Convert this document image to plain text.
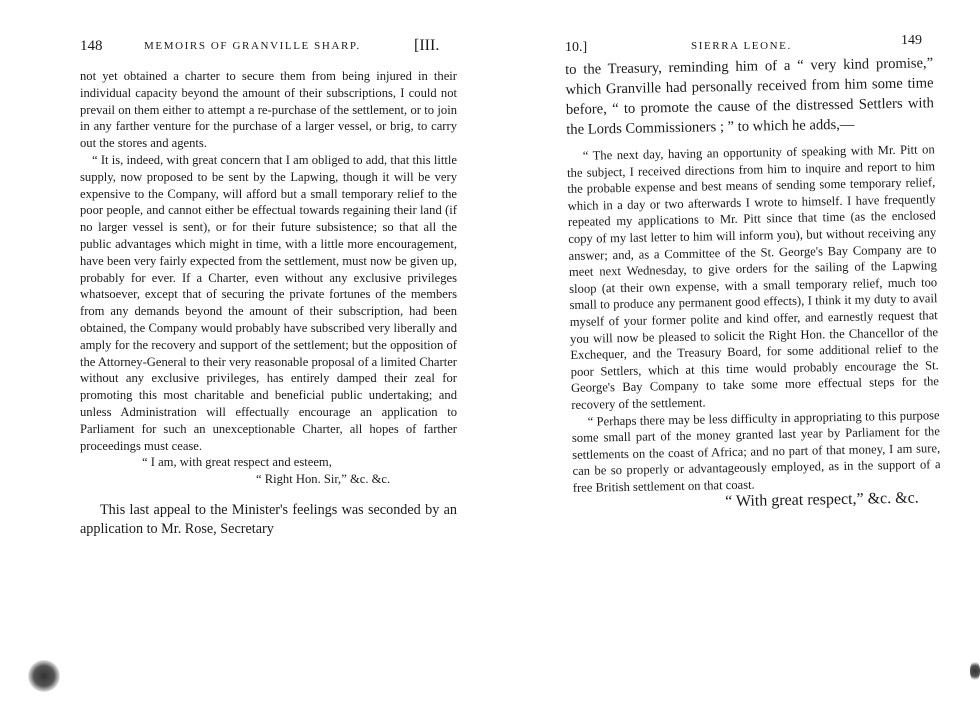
148	MEMOIRS OF GRANVILLE SHARP.	[III.

not yet obtained a charter to secure them from being injured in their individual capacity beyond the amount of their subscriptions, I could not prevail on them either to attempt a re-purchase of the settlement, or to join in any farther venture for the purchase of a larger vessel, or brig, to carry out the stores and agents.

“ It is, indeed, with great concern that I am obliged to add, that this little supply, now proposed to be sent by the Lapwing, though it will be very expensive to the Company, will afford but a small temporary relief to the poor people, and cannot either be effectual towards regaining their land (if no larger vessel is sent), or for their future subsistence; so that all the public advantages which might in time, with a little more encouragement, have been very fairly expected from the settlement, must now be given up, probably for ever. If a Charter, even without any exclusive privileges whatsoever, except that of securing the private fortunes of the members from any demands beyond the amount of their subscription, had been obtained, the Company would probably have subscribed very liberally and amply for the recovery and support of the settlement; but the opposition of the Attorney-General to their very reasonable proposal of a limited Charter without any exclusive privileges, has entirely damped their zeal for promoting this most charitable and beneficial public undertaking; and unless Administration will effectually encourage an application to Parliament for such an unexceptionable Charter, all hopes of farther proceedings must cease.

“ I am, with great respect and esteem,

“ Right Hon. Sir,” &c. &c.

This last appeal to the Minister's feelings was seconded by an application to Mr. Rose, Secretary

10.]	SIERRA LEONE.	149

to the Treasury, reminding him of a “ very kind promise,” which Granville had personally received from him some time before, “ to promote the cause of the distressed Settlers with the Lords Commissioners ; ” to which he adds,—

“ The next day, having an opportunity of speaking with Mr. Pitt on the subject, I received directions from him to inquire and report to him the probable expense and best means of sending some temporary relief, which in a day or two afterwards I wrote to himself. I have frequently repeated my applications to Mr. Pitt since that time (as the enclosed copy of my last letter to him will inform you), but without receiving any answer; and, as a Committee of the St. George's Bay Company are to meet next Wednesday, to give orders for the sailing of the Lapwing sloop (at their own expense, with a small temporary relief, much too small to produce any permanent good effects), I think it my duty to avail myself of your former polite and kind offer, and earnestly request that you will now be pleased to solicit the Right Hon. the Chancellor of the Exchequer, and the Treasury Board, for some additional relief to the poor Settlers, which at this time would probably encourage the St. George's Bay Company to take some more effectual steps for the recovery of the settlement.

“ Perhaps there may be less difficulty in appropriating to this purpose some small part of the money granted last year by Parliament for the settlements on the coast of Africa; and no part of that money, I am sure, can be so properly or advantageously employed, as in the support of a free British settlement on that coast.

“ With great respect,” &c. &c.
